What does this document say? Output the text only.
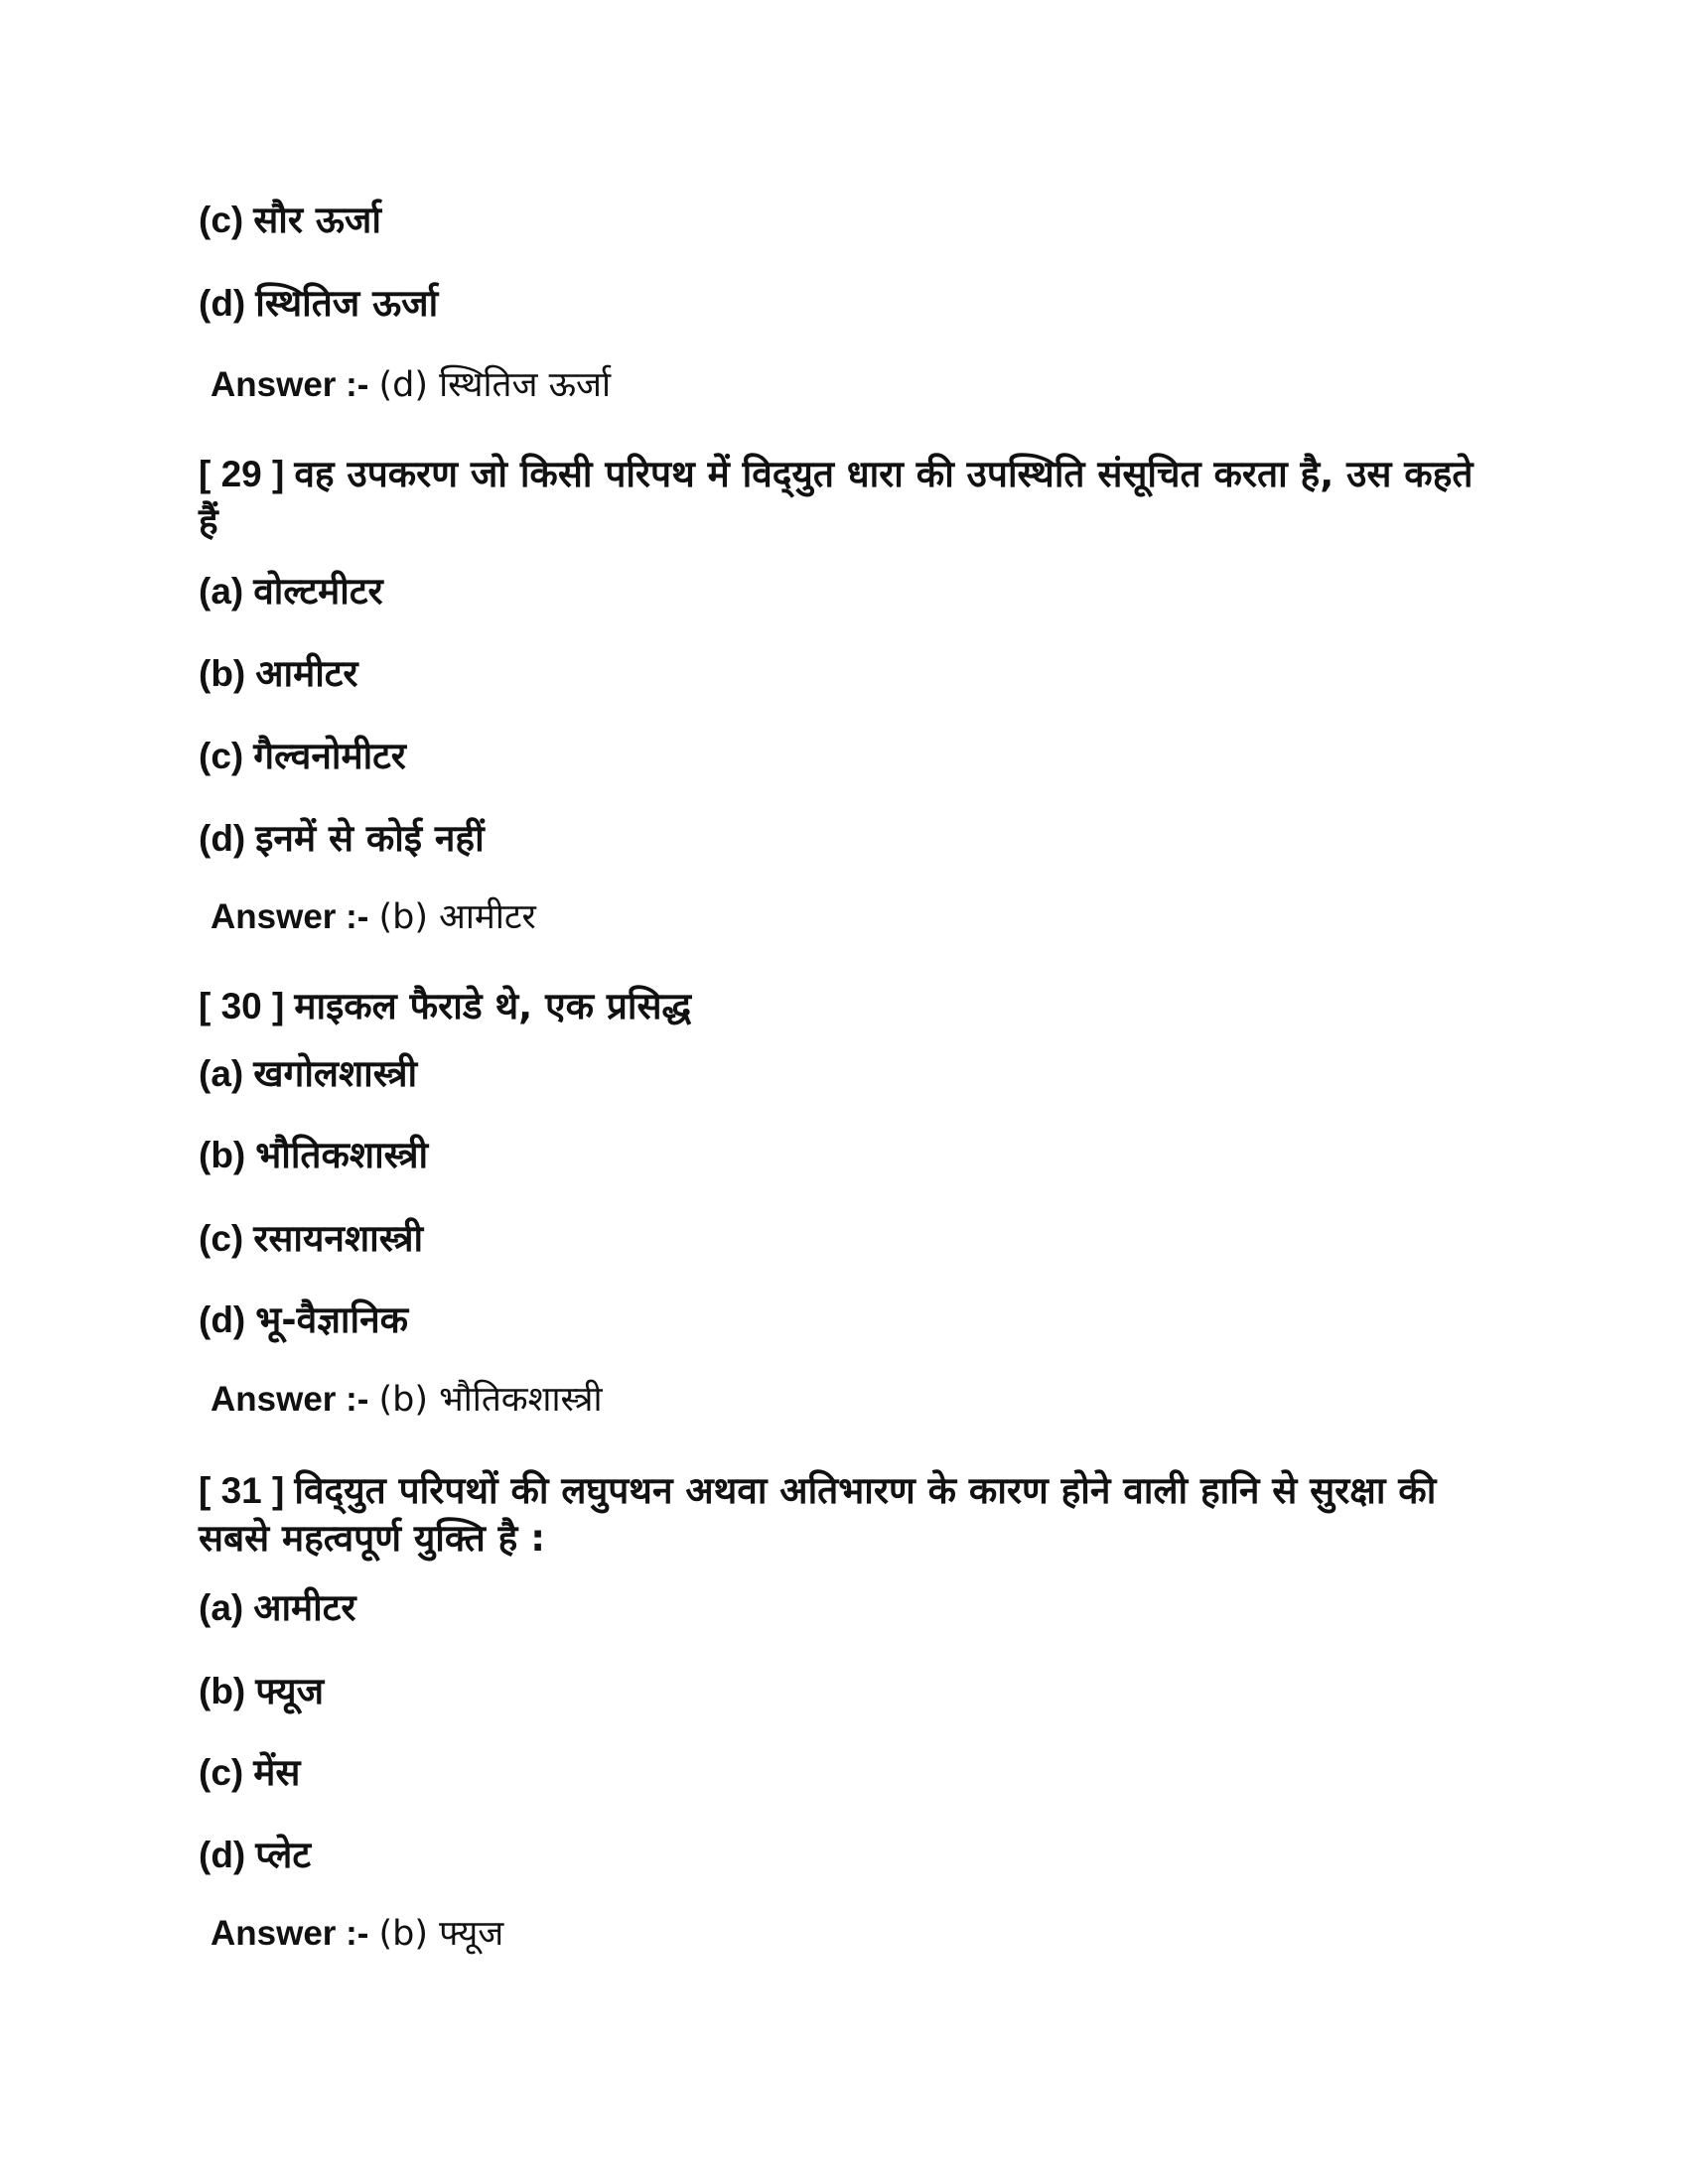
(c) सौर ऊर्जा
(d) स्थितिज ऊर्जा
Answer :- (d) स्थितिज ऊर्जा
[ 29 ] वह उपकरण जो किसी परिपथ में विद्‍युत धारा की उपस्थिति संसूचित करता है, उस कहते हैं
(a) वोल्टमीटर
(b) आमीटर
(c) गैल्वनोमीटर
(d) इनमें से कोई नहीं
Answer :- (b) आमीटर
[ 30 ] माइकल फैराडे थे, एक प्रसिद्ध
(a) खगोलशास्त्री
(b) भौतिकशास्त्री
(c) रसायनशास्त्री
(d) भू-वैज्ञानिक
Answer :- (b) भौतिकशास्त्री
[ 31 ] विद्‍युत परिपथों की लघुपथन अथवा अतिभारण के कारण होने वाली हानि से सुरक्षा की सबसे महत्वपूर्ण युक्ति है :
(a) आमीटर
(b) फ्यूज
(c) मेंस
(d) प्लेट
Answer :- (b) फ्यूज
